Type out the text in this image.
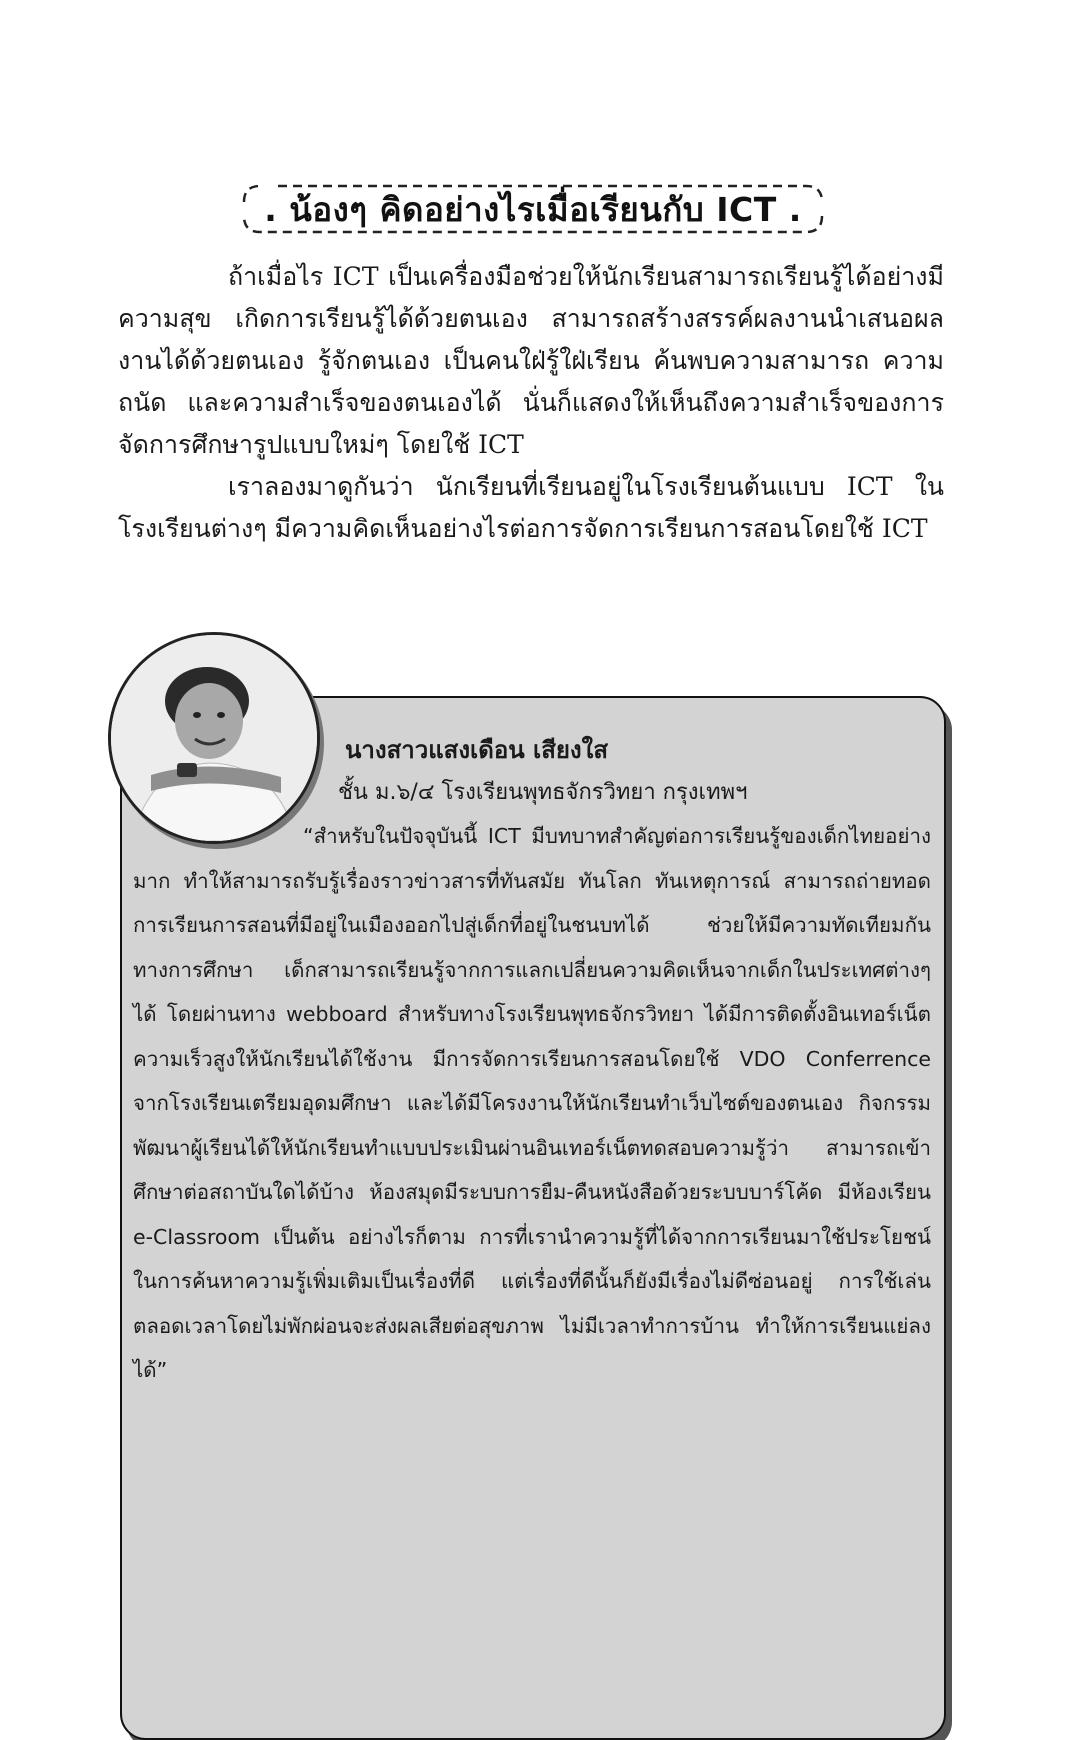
. น้องๆ คิดอย่างไรเมื่อเรียนกับ ICT .

ถ้าเมื่อไร ICT เป็นเครื่องมือช่วยให้นักเรียนสามารถเรียนรู้ได้อย่างมีความสุข เกิดการเรียนรู้ได้ด้วยตนเอง สามารถสร้างสรรค์ผลงานนำเสนอผลงานได้ด้วยตนเอง รู้จักตนเอง เป็นคนใฝ่รู้ใฝ่เรียน ค้นพบความสามารถ ความถนัด และความสำเร็จของตนเองได้ นั่นก็แสดงให้เห็นถึงความสำเร็จของการจัดการศึกษารูปแบบใหม่ๆ โดยใช้ ICT

เราลองมาดูกันว่า นักเรียนที่เรียนอยู่ในโรงเรียนต้นแบบ ICT ในโรงเรียนต่างๆ มีความคิดเห็นอย่างไรต่อการจัดการเรียนการสอนโดยใช้ ICT

นางสาวแสงเดือน เสียงใส
ชั้น ม.๖/๔ โรงเรียนพุทธจักรวิทยา กรุงเทพฯ
“สำหรับในปัจจุบันนี้ ICT มีบทบาทสำคัญต่อการเรียนรู้ของเด็กไทยอย่างมาก ทำให้สามารถรับรู้เรื่องราวข่าวสารที่ทันสมัย ทันโลก ทันเหตุการณ์ สามารถถ่ายทอดการเรียนการสอนที่มีอยู่ในเมืองออกไปสู่เด็กที่อยู่ในชนบทได้ ช่วยให้มีความทัดเทียมกันทางการศึกษา เด็กสามารถเรียนรู้จากการแลกเปลี่ยนความคิดเห็นจากเด็กในประเทศต่างๆ ได้ โดยผ่านทาง webboard สำหรับทางโรงเรียนพุทธจักรวิทยา ได้มีการติดตั้งอินเทอร์เน็ตความเร็วสูงให้นักเรียนได้ใช้งาน มีการจัดการเรียนการสอนโดยใช้ VDO Conferrence จากโรงเรียนเตรียมอุดมศึกษา และได้มีโครงงานให้นักเรียนทำเว็บไซต์ของตนเอง กิจกรรมพัฒนาผู้เรียนได้ให้นักเรียนทำแบบประเมินผ่านอินเทอร์เน็ตทดสอบความรู้ว่า สามารถเข้าศึกษาต่อสถาบันใดได้บ้าง ห้องสมุดมีระบบการยืม-คืนหนังสือด้วยระบบบาร์โค้ด มีห้องเรียน e-Classroom เป็นต้น อย่างไรก็ตาม การที่เรานำความรู้ที่ได้จากการเรียนมาใช้ประโยชน์ในการค้นหาความรู้เพิ่มเติมเป็นเรื่องที่ดี แต่เรื่องที่ดีนั้นก็ยังมีเรื่องไม่ดีซ่อนอยู่ การใช้เล่นตลอดเวลาโดยไม่พักผ่อนจะส่งผลเสียต่อสุขภาพ ไม่มีเวลาทำการบ้าน ทำให้การเรียนแย่ลงได้”
